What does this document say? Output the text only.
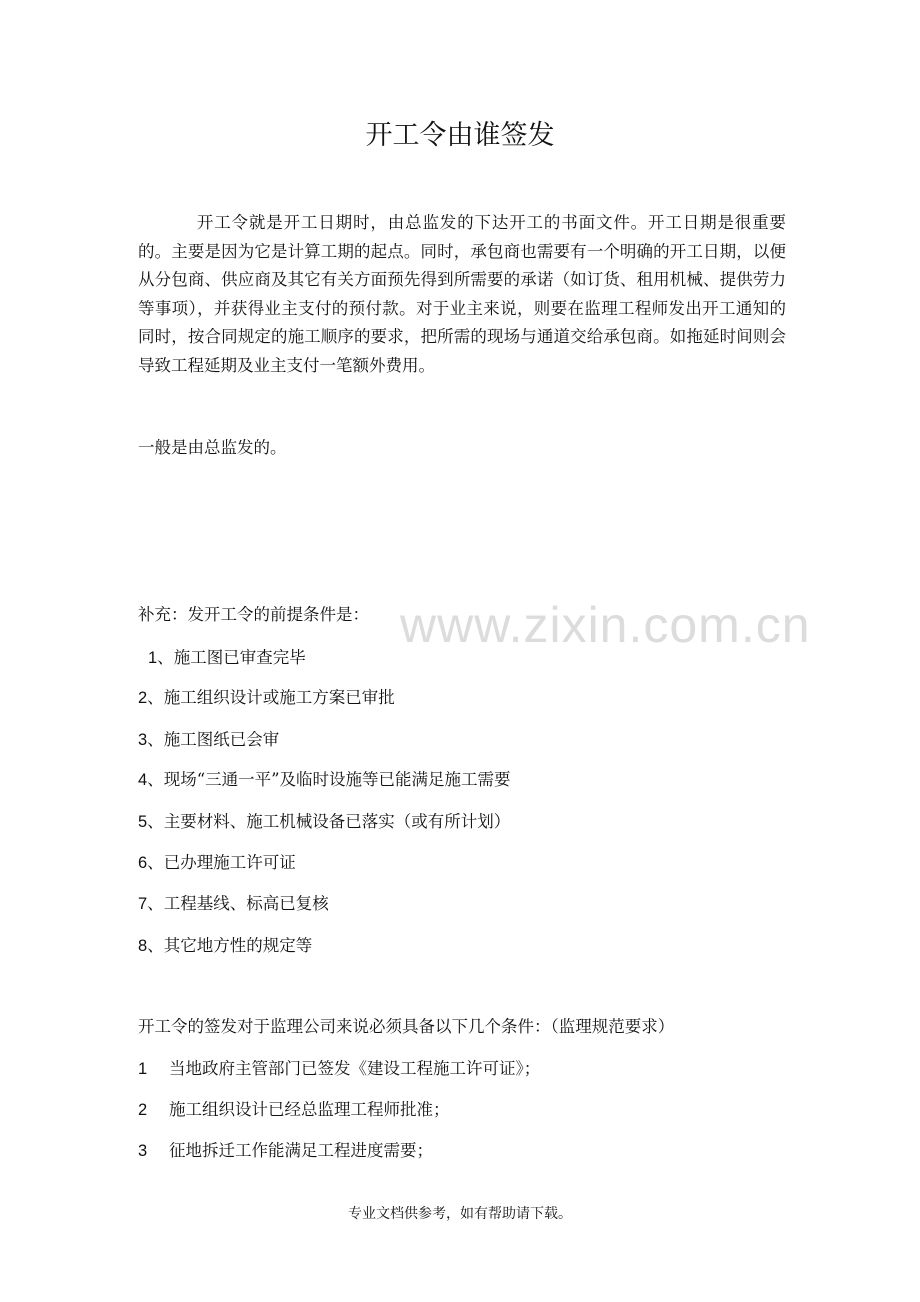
www.zixin.com.cn
开工令由谁签发
开工令就是开工日期时，由总监发的下达开工的书面文件。开工日期是很重要的。主要是因为它是计算工期的起点。同时，承包商也需要有一个明确的开工日期，以便从分包商、供应商及其它有关方面预先得到所需要的承诺（如订货、租用机械、提供劳力等事项），并获得业主支付的预付款。对于业主来说，则要在监理工程师发出开工通知的同时，按合同规定的施工顺序的要求，把所需的现场与通道交给承包商。如拖延时间则会导致工程延期及业主支付一笔额外费用。
一般是由总监发的。
补充：发开工令的前提条件是：
1、施工图已审查完毕
2、施工组织设计或施工方案已审批
3、施工图纸已会审
4、现场“三通一平”及临时设施等已能满足施工需要
5、主要材料、施工机械设备已落实（或有所计划）
6、已办理施工许可证
7、工程基线、标高已复核
8、其它地方性的规定等
开工令的签发对于监理公司来说必须具备以下几个条件：（监理规范要求）
1 当地政府主管部门已签发《建设工程施工许可证》；
2 施工组织设计已经总监理工程师批准；
3 征地拆迁工作能满足工程进度需要；
专业文档供参考，如有帮助请下载。
